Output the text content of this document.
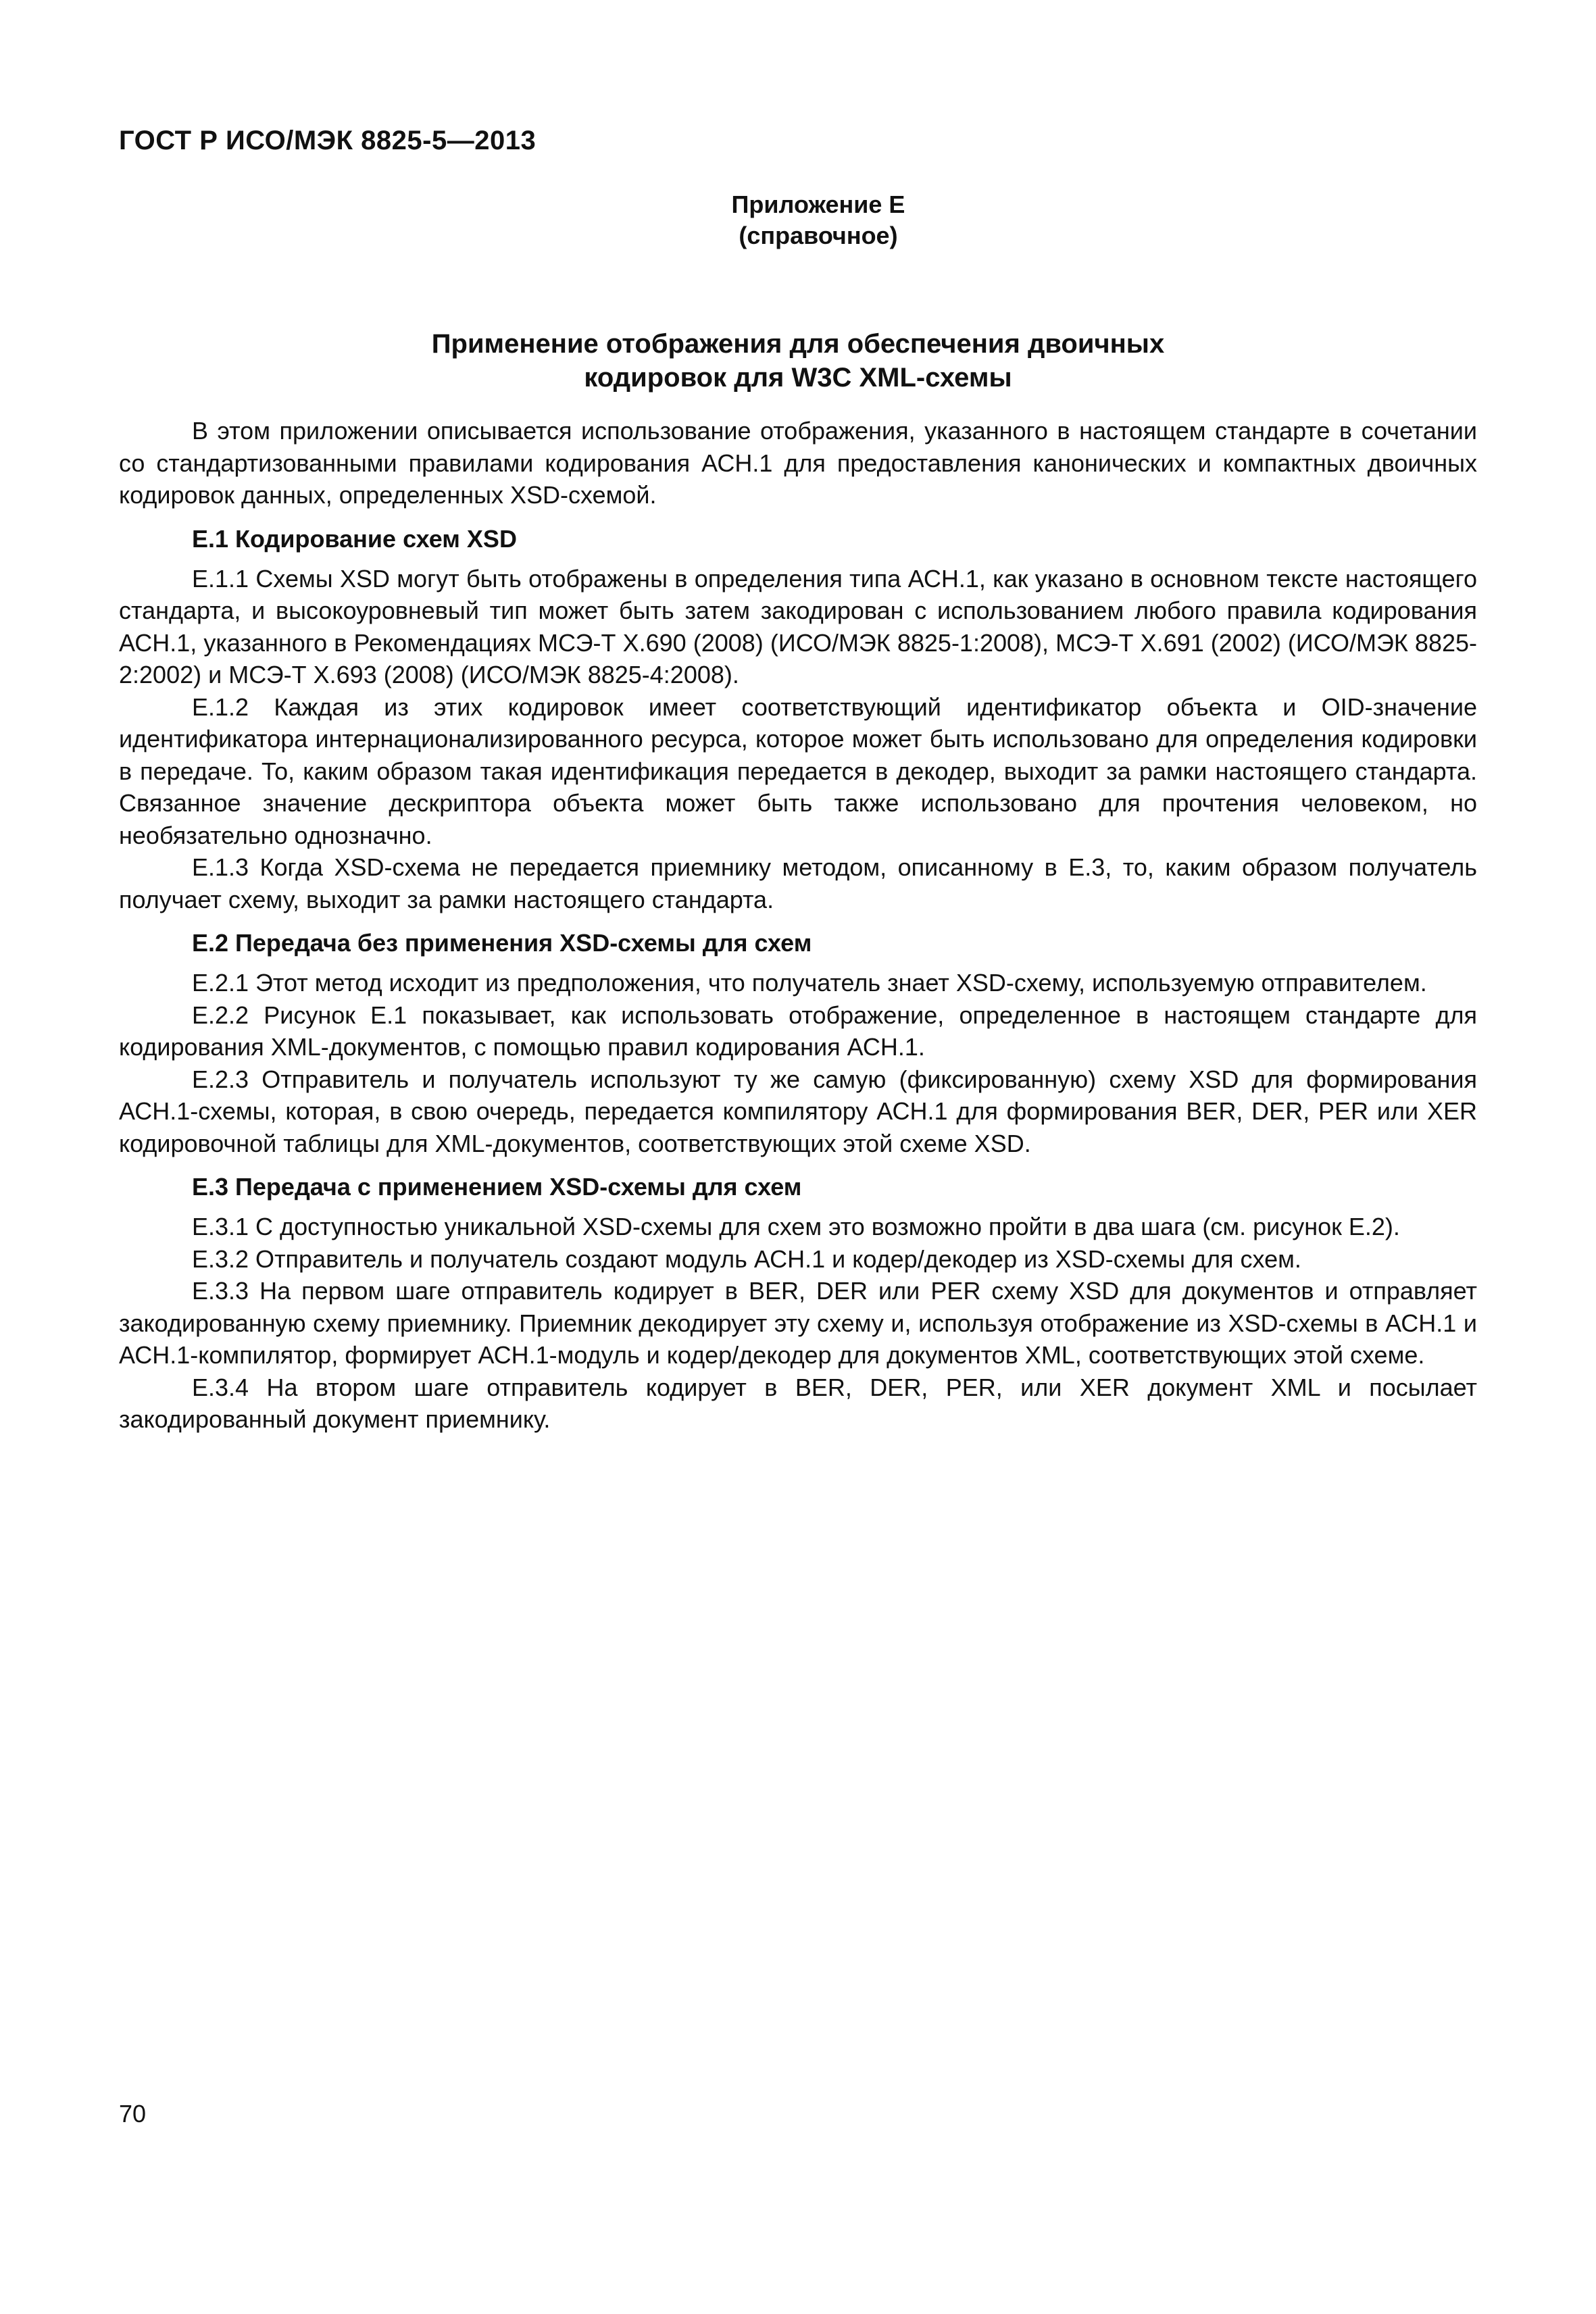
ГОСТ Р ИСО/МЭК 8825-5—2013
Приложение Е
(справочное)
Применение отображения для обеспечения двоичных
кодировок для W3C XML-схемы

В этом приложении описывается использование отображения, указанного в настоящем стандарте в сочетании со стандартизованными правилами кодирования АСН.1 для предоставления канонических и компактных двоичных кодировок данных, определенных XSD-схемой.

Е.1 Кодирование схем XSD

Е.1.1 Схемы XSD могут быть отображены в определения типа АСН.1, как указано в основном тексте настоящего стандарта, и высокоуровневый тип может быть затем закодирован с использованием любого правила кодирования АСН.1, указанного в Рекомендациях МСЭ-Т Х.690 (2008) (ИСО/МЭК 8825-1:2008), МСЭ-Т Х.691 (2002) (ИСО/МЭК 8825-2:2002) и МСЭ-Т Х.693 (2008) (ИСО/МЭК 8825-4:2008).

Е.1.2 Каждая из этих кодировок имеет соответствующий идентификатор объекта и OID-значение идентификатора интернационализированного ресурса, которое может быть использовано для определения кодировки в передаче. То, каким образом такая идентификация передается в декодер, выходит за рамки настоящего стандарта. Связанное значение дескриптора объекта может быть также использовано для прочтения человеком, но необязательно однозначно.

Е.1.3 Когда XSD-схема не передается приемнику методом, описанному в Е.3, то, каким образом получатель получает схему, выходит за рамки настоящего стандарта.

Е.2 Передача без применения XSD-схемы для схем

Е.2.1 Этот метод исходит из предположения, что получатель знает XSD-схему, используемую отправителем.

Е.2.2 Рисунок Е.1 показывает, как использовать отображение, определенное в настоящем стандарте для кодирования XML-документов, с помощью правил кодирования АСН.1.

Е.2.3 Отправитель и получатель используют ту же самую (фиксированную) схему XSD для формирования АСН.1-схемы, которая, в свою очередь, передается компилятору АСН.1 для формирования BER, DER, PER или XER кодировочной таблицы для XML-документов, соответствующих этой схеме XSD.

Е.3 Передача с применением XSD-схемы для схем

Е.3.1 С доступностью уникальной XSD-схемы для схем это возможно пройти в два шага (см. рисунок Е.2).

Е.3.2 Отправитель и получатель создают модуль АСН.1 и кодер/декодер из XSD-схемы для схем.

Е.3.3 На первом шаге отправитель кодирует в BER, DER или PER схему XSD для документов и отправляет закодированную схему приемнику. Приемник декодирует эту схему и, используя отображение из XSD-схемы в АСН.1 и АСН.1-компилятор, формирует АСН.1-модуль и кодер/декодер для документов XML, соответствующих этой схеме.

Е.3.4 На втором шаге отправитель кодирует в BER, DER, PER, или XER документ XML и посылает закодированный документ приемнику.

70
